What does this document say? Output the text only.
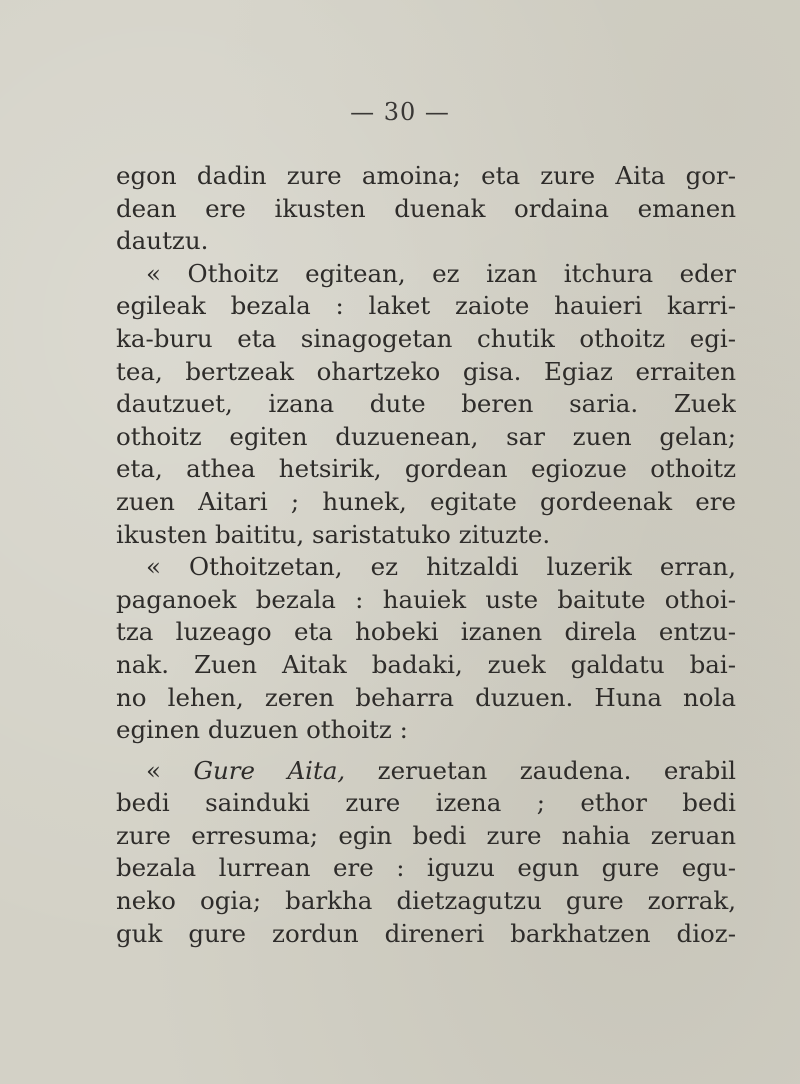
— 30 —
egon dadin zure amoina; eta zure Aita gor-
dean ere ikusten duenak ordaina emanen
dautzu.
« Othoitz egitean, ez izan itchura eder
egileak bezala : laket zaiote hauieri karri-
ka-buru eta sinagogetan chutik othoitz egi-
tea, bertzeak ohartzeko gisa. Egiaz erraiten
dautzuet, izana dute beren saria. Zuek
othoitz egiten duzuenean, sar zuen gelan;
eta, athea hetsirik, gordean egiozue othoitz
zuen Aitari ; hunek, egitate gordeenak ere
ikusten baititu, saristatuko zituzte.
« Othoitzetan, ez hitzaldi luzerik erran,
paganoek bezala : hauiek uste baitute othoi-
tza luzeago eta hobeki izanen direla entzu-
nak. Zuen Aitak badaki, zuek galdatu bai-
no lehen, zeren beharra duzuen. Huna nola
eginen duzuen othoitz :
« Gure Aita, zeruetan zaudena. erabil
bedi sainduki zure izena ; ethor bedi
zure erresuma; egin bedi zure nahia zeruan
bezala lurrean ere : iguzu egun gure egu-
neko ogia; barkha dietzagutzu gure zorrak,
guk gure zordun direneri barkhatzen dioz-
